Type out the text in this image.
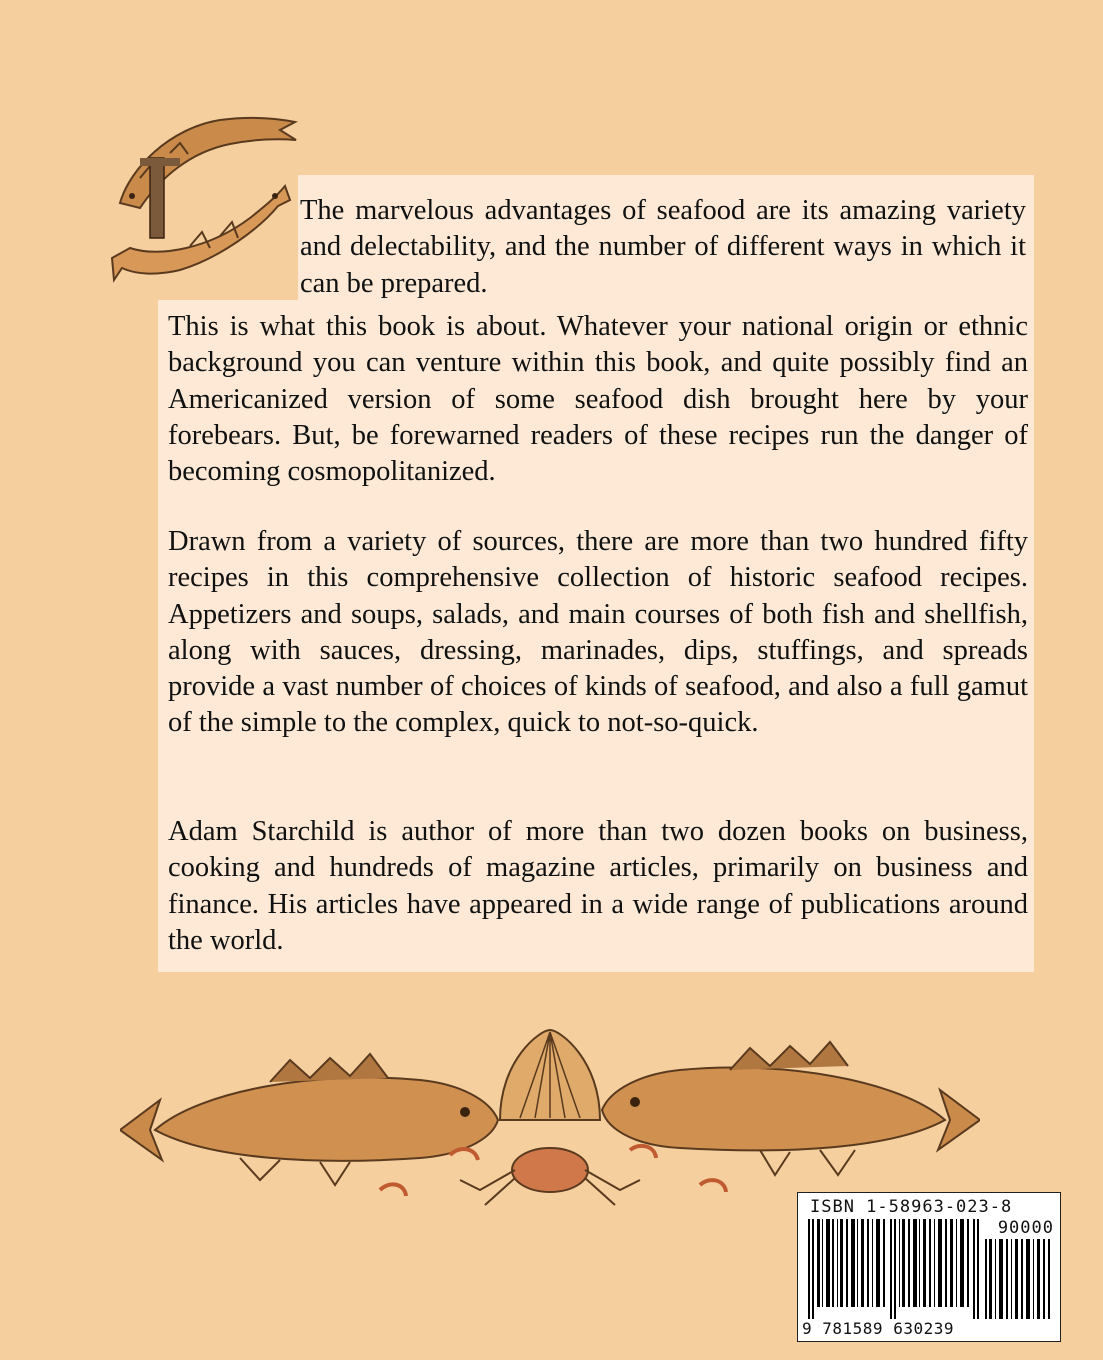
The marvelous advantages of seafood are its amazing variety and delectability, and the number of different ways in which it can be prepared.

This is what this book is about. Whatever your national origin or ethnic background you can venture within this book, and quite possibly find an Americanized version of some seafood dish brought here by your forebears. But, be forewarned readers of these recipes run the danger of becoming cosmopolitanized.

Drawn from a variety of sources, there are more than two hundred fifty recipes in this comprehensive collection of historic seafood recipes. Appetizers and soups, salads, and main courses of both fish and shellfish, along with sauces, dressing, marinades, dips, stuffings, and spreads provide a vast number of choices of kinds of seafood, and also a full gamut of the simple to the complex, quick to not-so-quick.

Adam Starchild is author of more than two dozen books on business, cooking and hundreds of magazine articles, primarily on business and finance. His articles have appeared in a wide range of publications around the world.

ISBN 1-58963-023-8
90000
9 781589 630239
